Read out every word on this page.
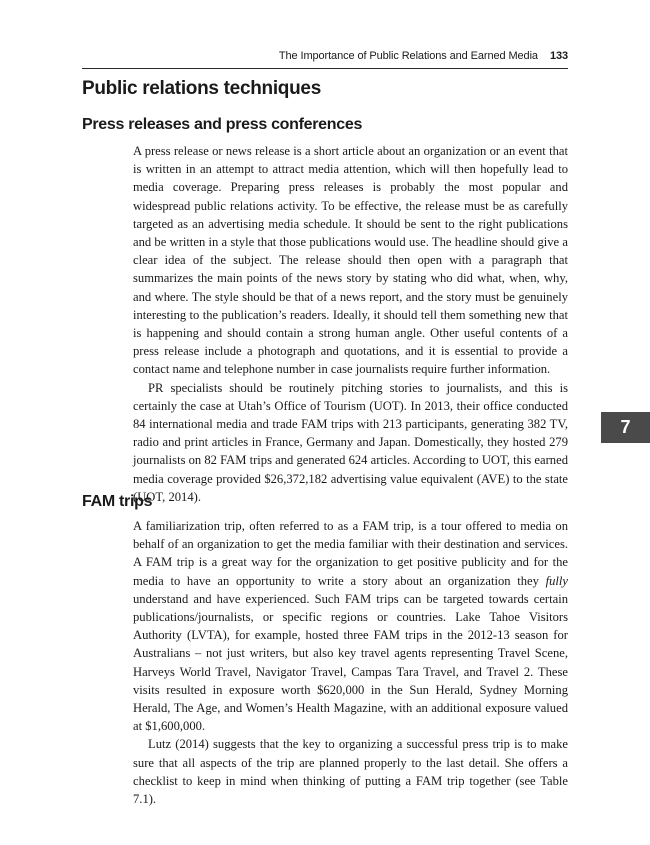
The Importance of Public Relations and Earned Media 133
Public relations techniques
Press releases and press conferences

A press release or news release is a short article about an organization or an event that is written in an attempt to attract media attention, which will then hopefully lead to media coverage. Preparing press releases is probably the most popular and widespread public relations activity. To be effective, the release must be as carefully targeted as an advertising media schedule. It should be sent to the right publications and be written in a style that those publications would use. The headline should give a clear idea of the subject. The release should then open with a paragraph that summarizes the main points of the news story by stating who did what, when, why, and where. The style should be that of a news report, and the story must be genuinely interesting to the publication’s readers. Ideally, it should tell them something new that is happening and should contain a strong human angle. Other useful contents of a press release include a photograph and quotations, and it is essential to provide a contact name and telephone number in case journalists require further information.

PR specialists should be routinely pitching stories to journalists, and this is certainly the case at Utah’s Office of Tourism (UOT). In 2013, their office conducted 84 international media and trade FAM trips with 213 participants, generating 382 TV, radio and print articles in France, Germany and Japan. Domestically, they hosted 279 journalists on 82 FAM trips and generated 624 articles. According to UOT, this earned media coverage provided $26,372,182 advertising value equivalent (AVE) to the state (UOT, 2014).

7
FAM trips

A familiarization trip, often referred to as a FAM trip, is a tour offered to media on behalf of an organization to get the media familiar with their destination and services. A FAM trip is a great way for the organization to get positive publicity and for the media to have an opportunity to write a story about an organization they fully understand and have experienced. Such FAM trips can be targeted towards certain publications/journalists, or specific regions or countries. Lake Tahoe Visitors Authority (LVTA), for example, hosted three FAM trips in the 2012-13 season for Australians – not just writers, but also key travel agents representing Travel Scene, Harveys World Travel, Navigator Travel, Campas Tara Travel, and Travel 2. These visits resulted in exposure worth $620,000 in the Sun Herald, Sydney Morning Herald, The Age, and Women’s Health Magazine, with an additional exposure valued at $1,600,000.

Lutz (2014) suggests that the key to organizing a successful press trip is to make sure that all aspects of the trip are planned properly to the last detail. She offers a checklist to keep in mind when thinking of putting a FAM trip together (see Table 7.1).
